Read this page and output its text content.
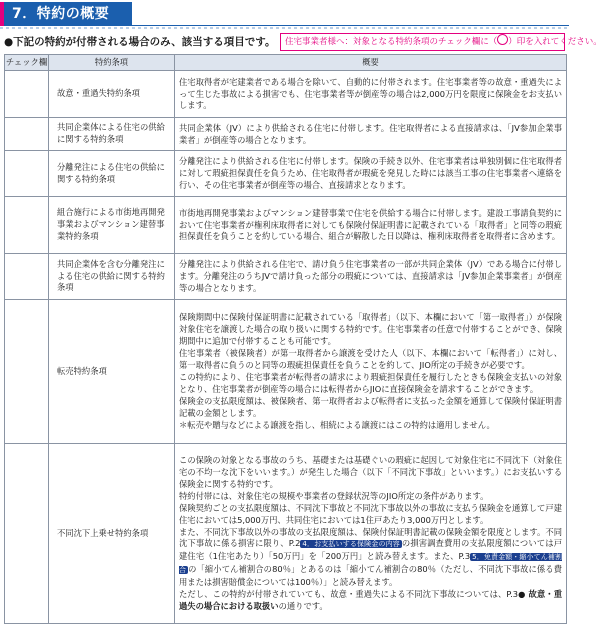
7．特約の概要
●下記の特約が付帯される場合のみ、該当する項目です。	住宅事業者様へ：対象となる特約条項のチェック欄に（○）印を入れてください。
チェック欄	特約条項	概要
	故意・重過失特約条項	住宅取得者が宅建業者である場合を除いて、自動的に付帯されます。住宅事業者等の故意・重過失によって生じた事故による損害でも、住宅事業者等が倒産等の場合は2,000万円を限度に保険金をお支払いします。
	共同企業体による住宅の供給に関する特約条項	共同企業体（JV）により供給される住宅に付帯します。住宅取得者による直接請求は、「JV参加企業事業者」が倒産等の場合となります。
	分離発注による住宅の供給に関する特約条項	分離発注により供給される住宅に付帯します。保険の手続き以外、住宅事業者は単独別個に住宅取得者に対して瑕疵担保責任を負うため、住宅取得者が瑕疵を発見した時には該当工事の住宅事業者へ連絡を行い、その住宅事業者が倒産等の場合、直接請求となります。
	組合施行による市街地再開発事業およびマンション建替事業特約条項	市街地再開発事業およびマンション建替事業で住宅を供給する場合に付帯します。建設工事請負契約において住宅事業者が権利床取得者に対しても保険付保証明書に記載されている「取得者」と同等の瑕疵担保責任を負うことを約している場合、組合が解散した日以降は、権利床取得者を取得者に含めます。
	共同企業体を含む分離発注による住宅の供給に関する特約条項	分離発注により供給される住宅で、請け負う住宅事業者の一部が共同企業体（JV）である場合に付帯します。分離発注のうちJVで請け負った部分の瑕疵については、直接請求は「JV参加企業事業者」が倒産等の場合となります。
	転売特約条項	保険期間中に保険付保証明書に記載されている「取得者」（以下、本欄において「第一取得者」）が保険対象住宅を譲渡した場合の取り扱いに関する特約です。住宅事業者の任意で付帯することができ、保険期間中に追加で付帯することも可能です。

住宅事業者（被保険者）が第一取得者から譲渡を受けた人（以下、本欄において「転得者」）に対し、第一取得者に負うのと同等の瑕疵担保責任を負うことを約して、JIO所定の手続きが必要です。

この特約により、住宅事業者が転得者の請求により瑕疵担保責任を履行したときも保険金支払いの対象となり、住宅事業者が倒産等の場合には転得者からJIOに直接保険金を請求することができます。

保険金の支払限度額は、被保険者、第一取得者および転得者に支払った金額を通算して保険付保証明書記載の金額とします。

＊転売や贈与などによる譲渡を指し、相続による譲渡にはこの特約は適用しません。

	不同沈下上乗せ特約条項	この保険の対象となる事故のうち、基礎または基礎ぐいの瑕疵に起因して対象住宅に不同沈下（対象住宅の不均一な沈下をいいます。）が発生した場合（以下「不同沈下事故」といいます。）にお支払いする保険金に関する特約です。

特約付帯には、対象住宅の規模や事業者の登録状況等のJIO所定の条件があります。

保険契約ごとの支払限度額は、不同沈下事故と不同沈下事故以外の事故に支払う保険金を通算して戸建住宅においては5,000万円、共同住宅においては1住戸あたり3,000万円とします。

また、不同沈下事故以外の事故の支払限度額は、保険付保証明書記載の保険金額を限度とします。不同沈下事故に係る損害に限り、P.2 4．お支払いする保険金の内容 の損害調査費用の支払限度額については戸建住宅（1住宅あたり）「50万円」を「200万円」と読み替えます。また、P.3 5．免責金額・縮小てん補割合 の「縮小てん補割合の80％」とあるのは「縮小てん補割合の80％（ただし、不同沈下事故に係る費用または損害賠償金については100％）」と読み替えます。

ただし、この特約が付帯されていても、故意・重過失による不同沈下事故については、P.3● 故意・重過失の場合における取扱いの通りです。
